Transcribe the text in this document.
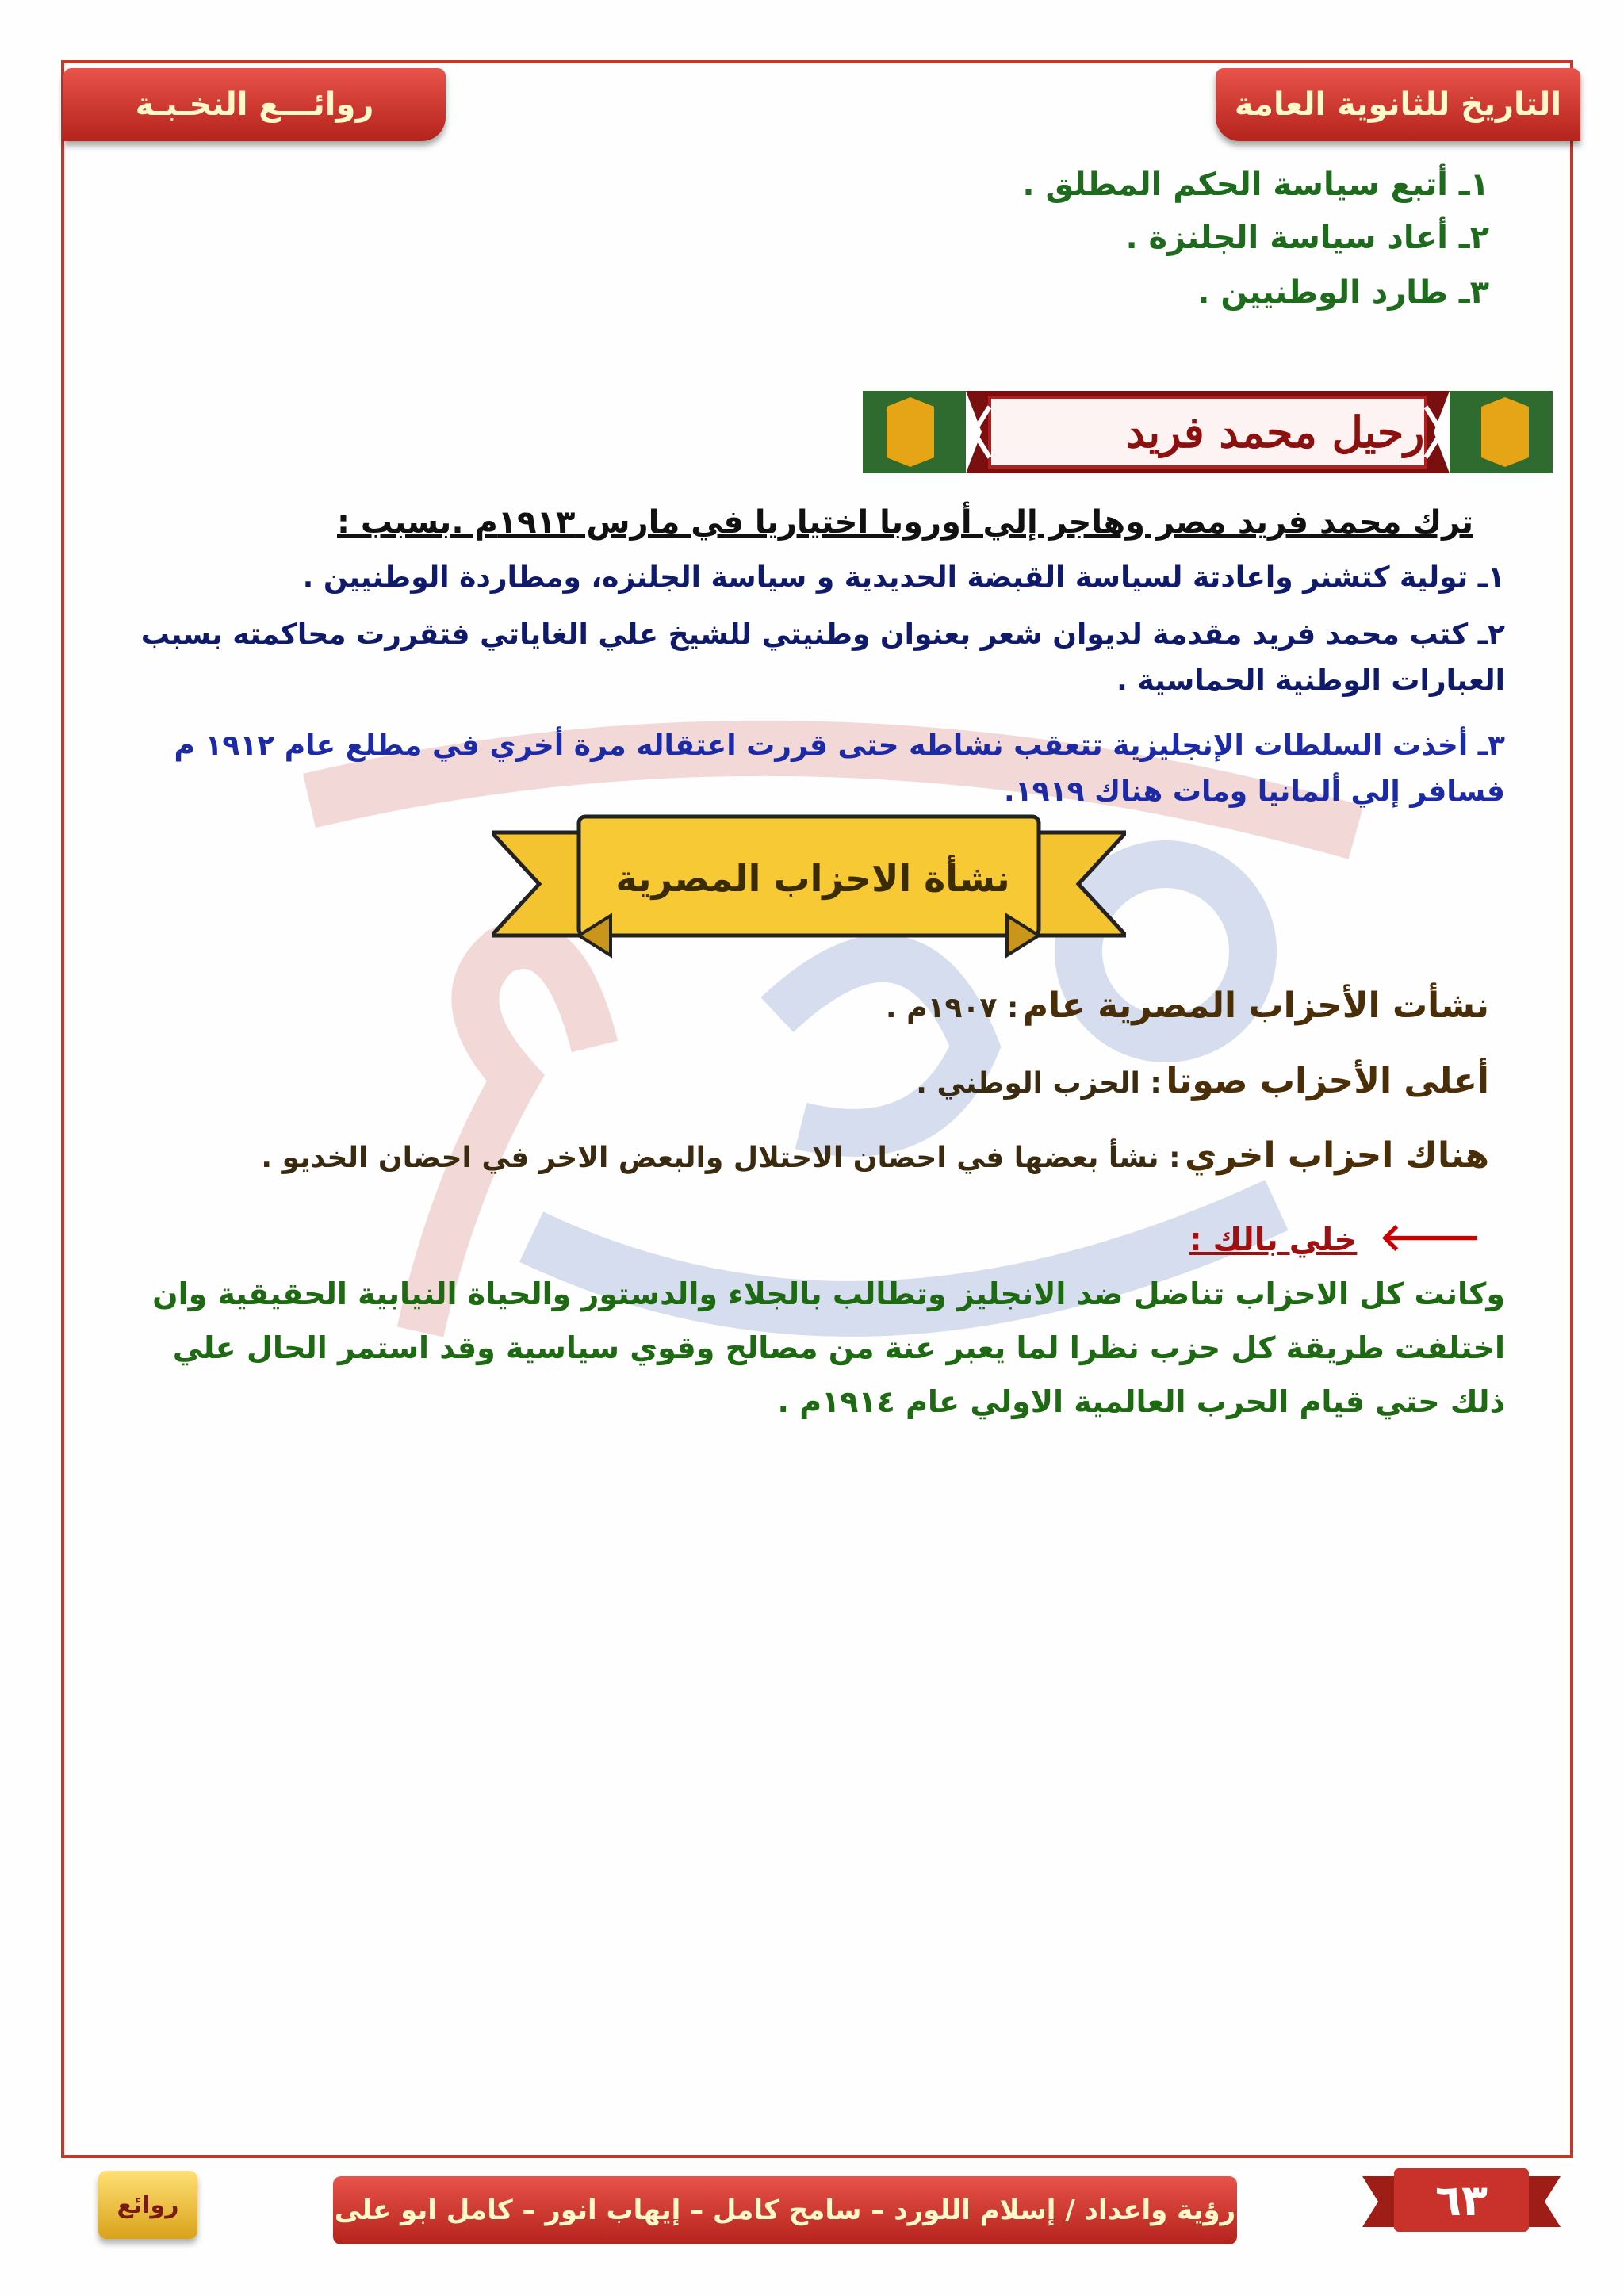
التاريخ للثانوية العامة
روائـــع النخـبـة
١ـ أتبع سياسة الحكم المطلق .
٢ـ أعاد سياسة الجلنزة .
٣ـ طارد الوطنيين .
رحيل محمد فريد
ترك محمد فريد مصر وهاجر إلي أوروبا اختياريا في مارس ١٩١٣م .بسبب :
١ـ تولية كتشنر واعادتة لسياسة القبضة الحديدية و سياسة الجلنزه، ومطاردة الوطنيين .
٢ـ كتب محمد فريد مقدمة لديوان شعر بعنوان وطنيتي للشيخ علي الغاياتي فتقررت محاكمته بسبب العبارات الوطنية الحماسية .
٣ـ أخذت السلطات الإنجليزية تتعقب نشاطه حتى قررت اعتقاله مرة أخري في مطلع عام ١٩١٢ م فسافر إلي ألمانيا ومات هناك ١٩١٩.
نشأة الاحزاب المصرية
نشأت الأحزاب المصرية عام : ١٩٠٧م .
أعلى الأحزاب صوتا : الحزب الوطني .
هناك احزاب اخري : نشأ بعضها في احضان الاحتلال والبعض الاخر في احضان الخديو .
🡐 خلي بالك :
وكانت كل الاحزاب تناضل ضد الانجليز وتطالب بالجلاء والدستور والحياة النيابية الحقيقية وان اختلفت طريقة كل حزب نظرا لما يعبر عنة من مصالح وقوي سياسية وقد استمر الحال علي ذلك حتي قيام الحرب العالمية الاولي عام ١٩١٤م .
٦٣
رؤية واعداد / إسلام اللورد – سامح كامل – إيهاب انور – كامل ابو على
روائع
